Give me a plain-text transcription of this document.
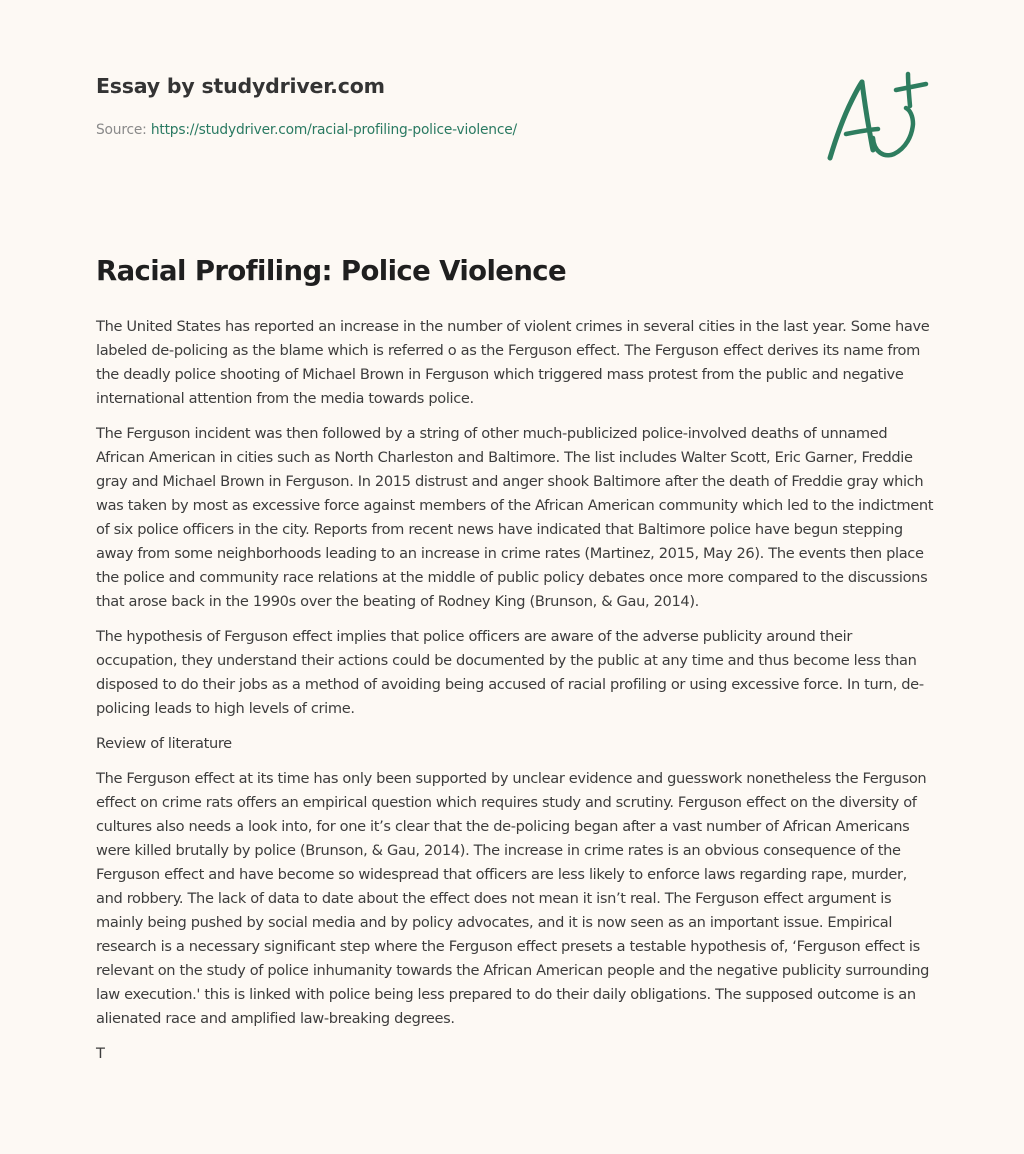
Essay by studydriver.com
Source: https://studydriver.com/racial-profiling-police-violence/
Racial Profiling: Police Violence

The United States has reported an increase in the number of violent crimes in several cities in the last year. Some have labeled de-policing as the blame which is referred o as the Ferguson effect. The Ferguson effect derives its name from the deadly police shooting of Michael Brown in Ferguson which triggered mass protest from the public and negative international attention from the media towards police.

The Ferguson incident was then followed by a string of other much-publicized police-involved deaths of unnamed African American in cities such as North Charleston and Baltimore. The list includes Walter Scott, Eric Garner, Freddie gray and Michael Brown in Ferguson. In 2015 distrust and anger shook Baltimore after the death of Freddie gray which was taken by most as excessive force against members of the African American community which led to the indictment of six police officers in the city. Reports from recent news have indicated that Baltimore police have begun stepping away from some neighborhoods leading to an increase in crime rates (Martinez, 2015, May 26). The events then place the police and community race relations at the middle of public policy debates once more compared to the discussions that arose back in the 1990s over the beating of Rodney King (Brunson, & Gau, 2014).

The hypothesis of Ferguson effect implies that police officers are aware of the adverse publicity around their occupation, they understand their actions could be documented by the public at any time and thus become less than disposed to do their jobs as a method of avoiding being accused of racial profiling or using excessive force. In turn, de-policing leads to high levels of crime.

Review of literature

The Ferguson effect at its time has only been supported by unclear evidence and guesswork nonetheless the Ferguson effect on crime rats offers an empirical question which requires study and scrutiny. Ferguson effect on the diversity of cultures also needs a look into, for one it’s clear that the de-policing began after a vast number of African Americans were killed brutally by police (Brunson, & Gau, 2014). The increase in crime rates is an obvious consequence of the Ferguson effect and have become so widespread that officers are less likely to enforce laws regarding rape, murder, and robbery. The lack of data to date about the effect does not mean it isn’t real. The Ferguson effect argument is mainly being pushed by social media and by policy advocates, and it is now seen as an important issue. Empirical research is a necessary significant step where the Ferguson effect presets a testable hypothesis of, ‘Ferguson effect is relevant on the study of police inhumanity towards the African American people and the negative publicity surrounding law execution.' this is linked with police being less prepared to do their daily obligations. The supposed outcome is an alienated race and amplified law-breaking degrees.

T
